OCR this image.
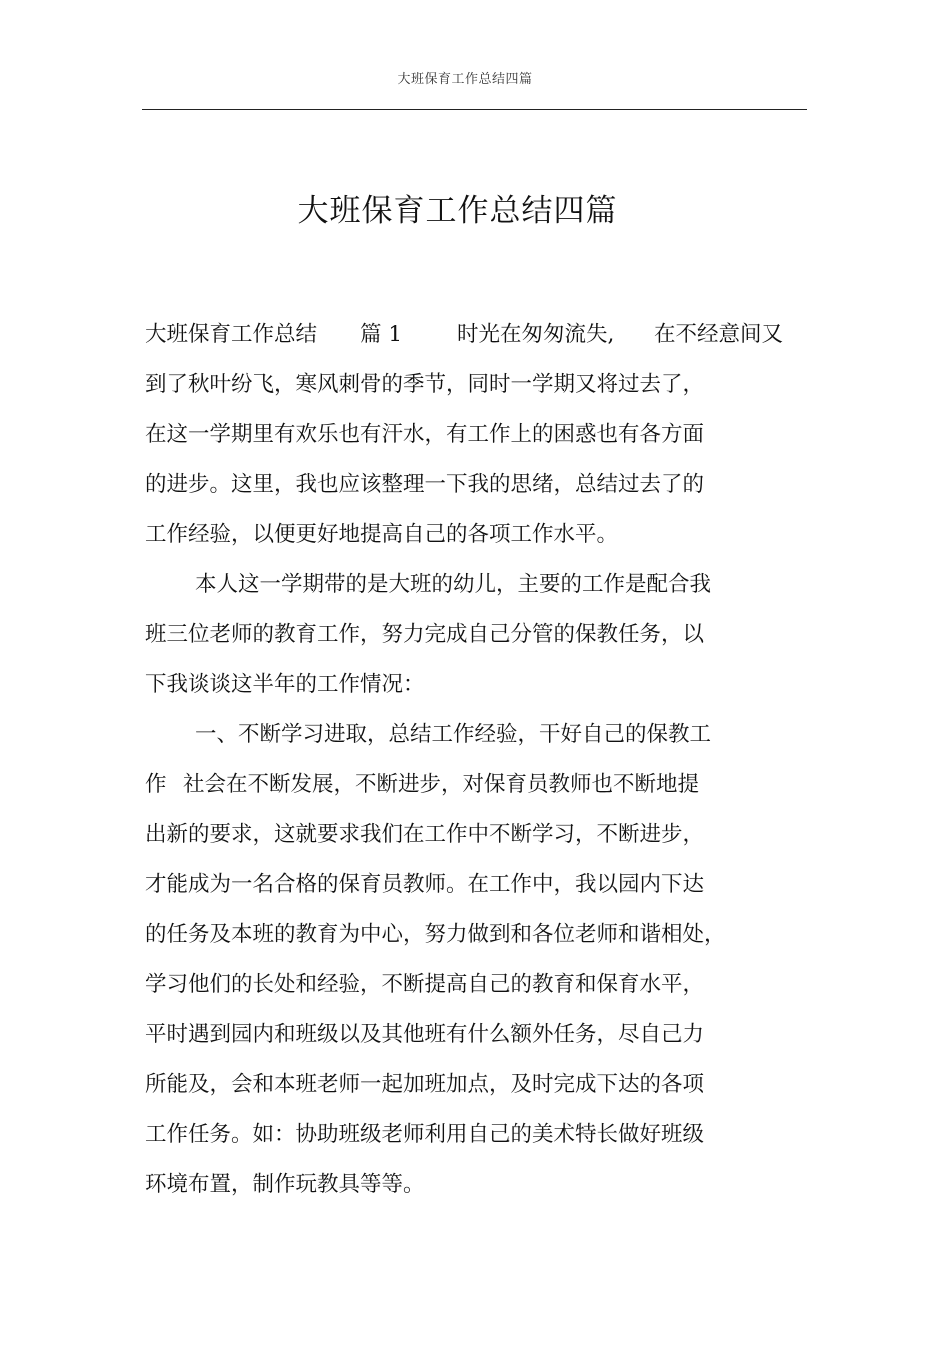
大班保育工作总结四篇
大班保育工作总结四篇

大班保育工作总结

篇 1

	时光在匆匆流失,

在不经意间又

到了秋叶纷飞，寒风刺骨的季节，同时一学期又将过去了，

在这一学期里有欢乐也有汗水，有工作上的困惑也有各方面

的进步。这里，我也应该整理一下我的思绪，总结过去了的

工作经验，以便更好地提高自己的各项工作水平。

本人这一学期带的是大班的幼儿，主要的工作是配合我

班三位老师的教育工作，努力完成自己分管的保教任务，以

下我谈谈这半年的工作情况：

一、不断学习进取，总结工作经验，干好自己的保教工

作

社会在不断发展，不断进步，对保育员教师也不断地提

出新的要求，这就要求我们在工作中不断学习，不断进步，

才能成为一名合格的保育员教师。在工作中，我以园内下达

的任务及本班的教育为中心，努力做到和各位老师和谐相处，

学习他们的长处和经验，不断提高自己的教育和保育水平，

平时遇到园内和班级以及其他班有什么额外任务，尽自己力

所能及，会和本班老师一起加班加点，及时完成下达的各项

工作任务。如：协助班级老师利用自己的美术特长做好班级

环境布置，制作玩教具等等。
